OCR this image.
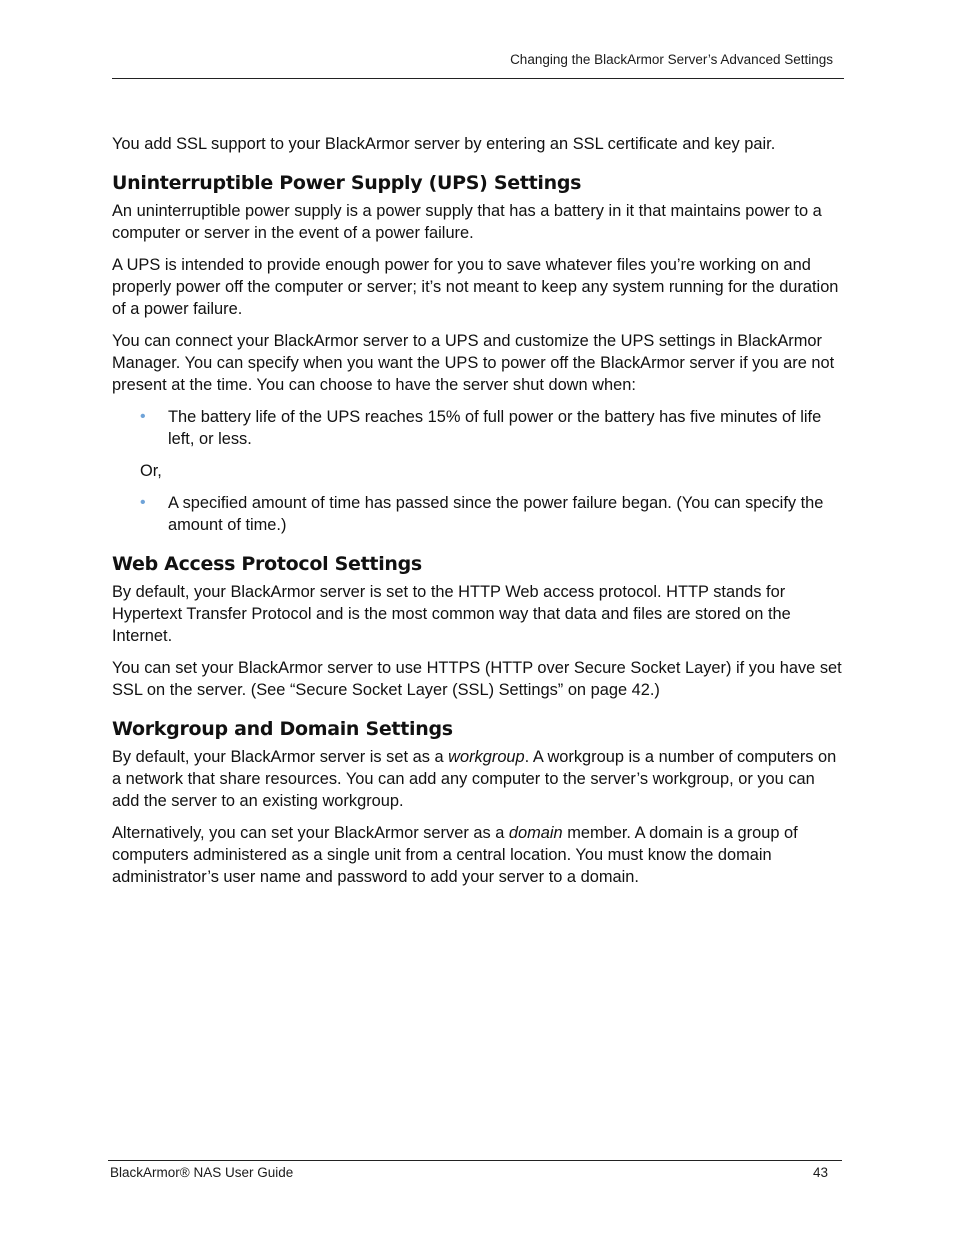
Changing the BlackArmor Server’s Advanced Settings

You add SSL support to your BlackArmor server by entering an SSL certificate and key pair.

Uninterruptible Power Supply (UPS) Settings

An uninterruptible power supply is a power supply that has a battery in it that maintains power to a computer or server in the event of a power failure.

A UPS is intended to provide enough power for you to save whatever files you’re working on and properly power off the computer or server; it’s not meant to keep any system running for the duration of a power failure.

You can connect your BlackArmor server to a UPS and customize the UPS settings in BlackArmor Manager. You can specify when you want the UPS to power off the BlackArmor server if you are not present at the time. You can choose to have the server shut down when:

• The battery life of the UPS reaches 15% of full power or the battery has five minutes of life left, or less.

Or,

• A specified amount of time has passed since the power failure began. (You can specify the amount of time.)
Web Access Protocol Settings

By default, your BlackArmor server is set to the HTTP Web access protocol. HTTP stands for Hypertext Transfer Protocol and is the most common way that data and files are stored on the Internet.

You can set your BlackArmor server to use HTTPS (HTTP over Secure Socket Layer) if you have set SSL on the server. (See “Secure Socket Layer (SSL) Settings” on page 42.)

Workgroup and Domain Settings

By default, your BlackArmor server is set as a workgroup. A workgroup is a number of computers on a network that share resources. You can add any computer to the server’s workgroup, or you can add the server to an existing workgroup.

Alternatively, you can set your BlackArmor server as a domain member. A domain is a group of computers administered as a single unit from a central location. You must know the domain administrator’s user name and password to add your server to a domain.

BlackArmor® NAS User Guide	43
